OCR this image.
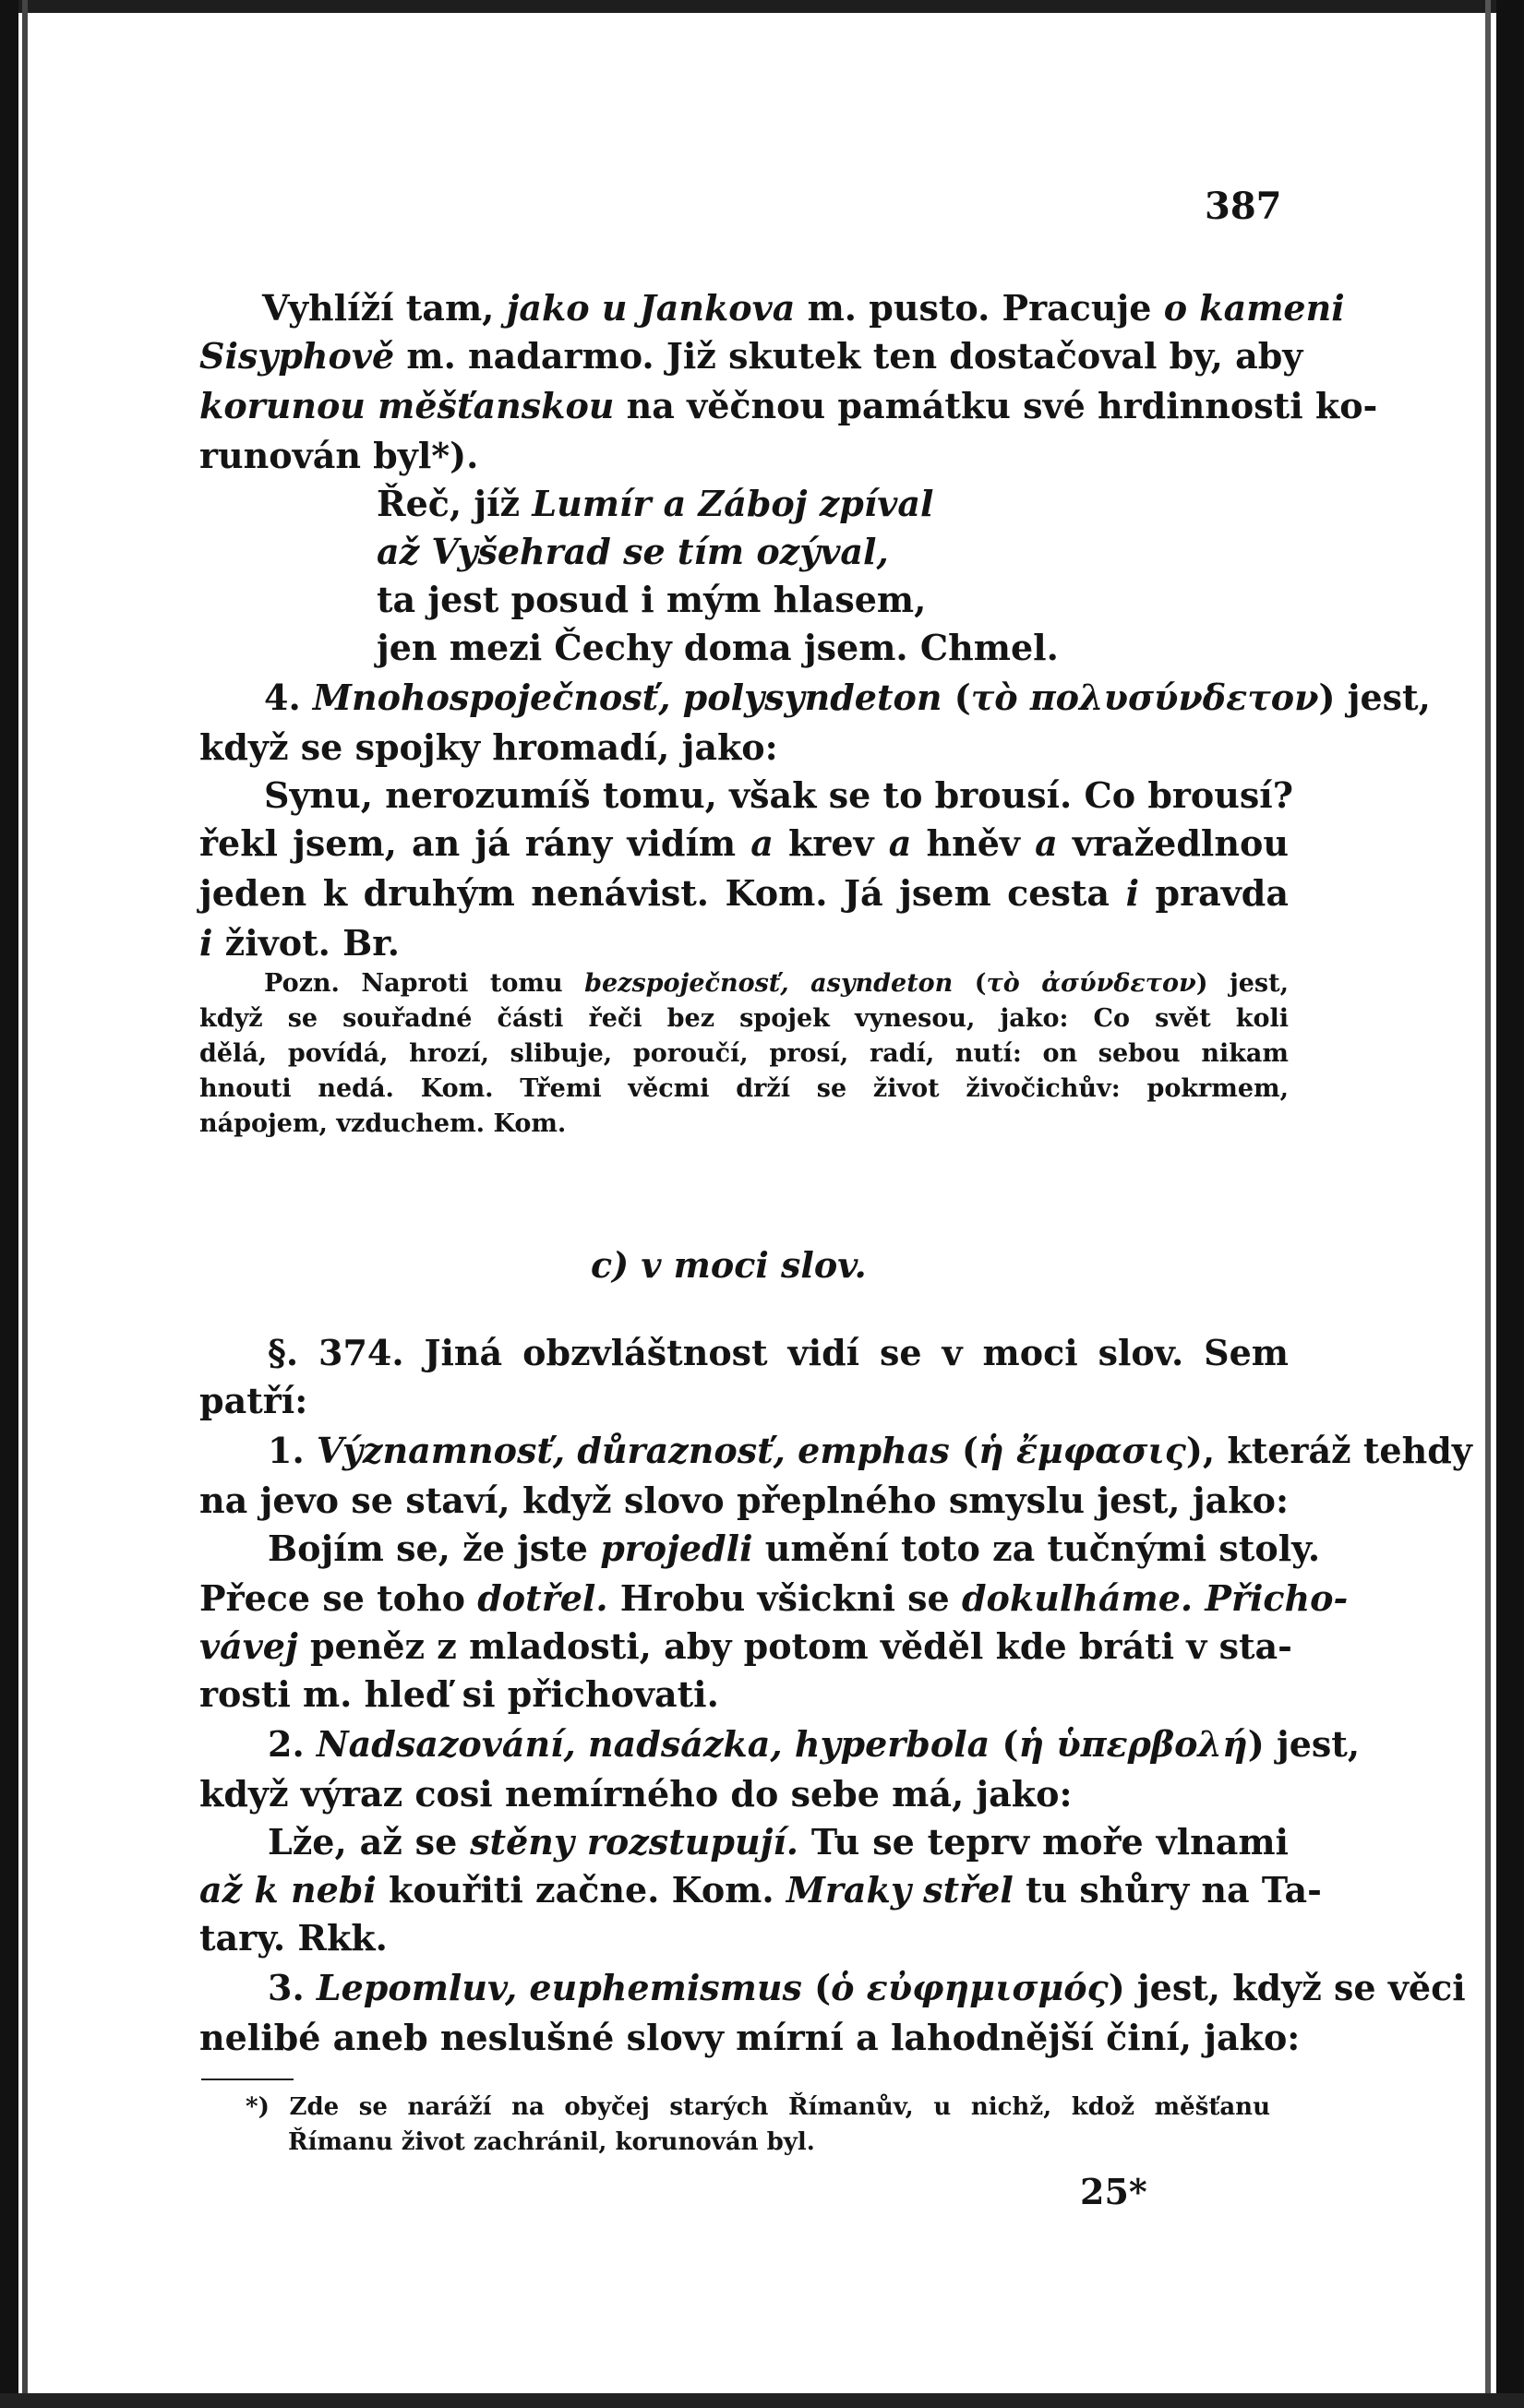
387
Vyhlíží tam, jako u Jankova m. pusto. Pracuje o kameni
Sisyphově m. nadarmo. Již skutek ten dostačoval by, aby
korunou měšťanskou na věčnou památku své hrdinnosti ko-
runován byl*).
Řeč, jíž Lumír a Záboj zpíval
až Vyšehrad se tím ozýval,
ta jest posud i mým hlasem,
jen mezi Čechy doma jsem. Chmel.
4. Mnohospoječnosť, polysyndeton (τὸ πολυσύνδετον) jest,
když se spojky hromadí, jako:
Synu, nerozumíš tomu, však se to brousí. Co brousí?
řekl jsem, an já rány vidím a krev a hněv a vražedlnou
jeden k druhým nenávist. Kom. Já jsem cesta i pravda
i život. Br.
Pozn. Naproti tomu bezspoječnosť, asyndeton (τὸ ἀσύνδετον) jest,
když se souřadné části řeči bez spojek vynesou, jako: Co svět koli
dělá, povídá, hrozí, slibuje, poroučí, prosí, radí, nutí: on sebou nikam
hnouti nedá. Kom. Třemi věcmi drží se život živočichův: pokrmem,
nápojem, vzduchem. Kom.
c) v moci slov.
§. 374. Jiná obzvláštnost vidí se v moci slov. Sem
patří:
1. Významnosť, důraznosť, emphas (ἡ ἔμφασις), kteráž tehdy
na jevo se staví, když slovo přeplného smyslu jest, jako:
Bojím se, že jste projedli umění toto za tučnými stoly.
Přece se toho dotřel. Hrobu všickni se dokulháme. Přicho-
vávej peněz z mladosti, aby potom věděl kde bráti v sta-
rosti m. hleď si přichovati.
2. Nadsazování, nadsázka, hyperbola (ἡ ὑπερβολή) jest,
když výraz cosi nemírného do sebe má, jako:
Lže, až se stěny rozstupují. Tu se teprv moře vlnami
až k nebi kouřiti začne. Kom. Mraky střel tu shůry na Ta-
tary. Rkk.
3. Lepomluv, euphemismus (ὁ εὐφημισμός) jest, když se věci
nelibé aneb neslušné slovy mírní a lahodnější činí, jako:
*) Zde se naráží na obyčej starých Římanův, u nichž, kdož měšťanu
Římanu život zachránil, korunován byl.
25*
